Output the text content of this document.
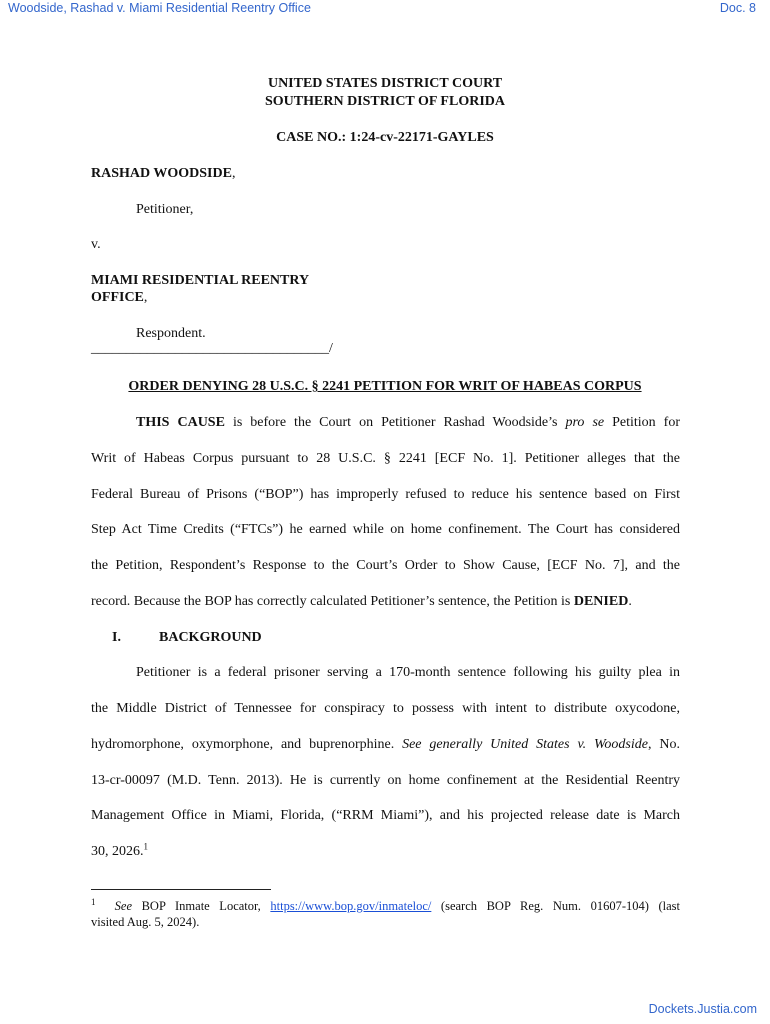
Woodside, Rashad v. Miami Residential Reentry Office	Doc. 8
UNITED STATES DISTRICT COURT
SOUTHERN DISTRICT OF FLORIDA
CASE NO.: 1:24-cv-22171-GAYLES
RASHAD WOODSIDE,
Petitioner,
v.
MIAMI RESIDENTIAL REENTRY
OFFICE,
Respondent.
__________________________________/
ORDER DENYING 28 U.S.C. § 2241 PETITION FOR WRIT OF HABEAS CORPUS
THIS CAUSE is before the Court on Petitioner Rashad Woodside’s pro se Petition for
Writ of Habeas Corpus pursuant to 28 U.S.C. § 2241 [ECF No. 1]. Petitioner alleges that the
Federal Bureau of Prisons (“BOP”) has improperly refused to reduce his sentence based on First
Step Act Time Credits (“FTCs”) he earned while on home confinement. The Court has considered
the Petition, Respondent’s Response to the Court’s Order to Show Cause, [ECF No. 7], and the
record. Because the BOP has correctly calculated Petitioner’s sentence, the Petition is DENIED.
I.	BACKGROUND
Petitioner is a federal prisoner serving a 170-month sentence following his guilty plea in
the Middle District of Tennessee for conspiracy to possess with intent to distribute oxycodone,
hydromorphone, oxymorphone, and buprenorphine. See generally United States v. Woodside, No.
13-cr-00097 (M.D. Tenn. 2013). He is currently on home confinement at the Residential Reentry
Management Office in Miami, Florida, (“RRM Miami”), and his projected release date is March
30, 2026.$^1$
$^1$ See BOP Inmate Locator, https://www.bop.gov/inmateloc/ (search BOP Reg. Num. 01607-104) (last
visited Aug. 5, 2024).
Dockets.Justia.com
